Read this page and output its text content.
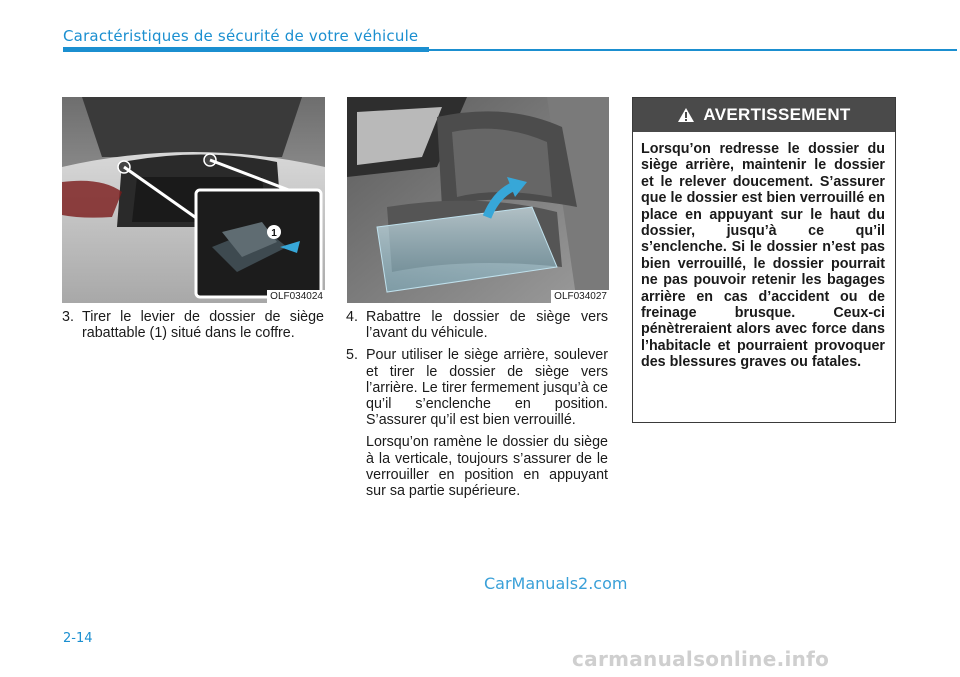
Caractéristiques de sécurité de votre véhicule
1
OLF034024	OLF034027
3. Tirer le levier de dossier de siège rabattable (1) situé dans le coffre.
4. Rabattre le dossier de siège vers l’avant du véhicule.
5. Pour utiliser le siège arrière, soulever et tirer le dossier de siège vers l’arrière. Le tirer fermement jusqu’à ce qu’il s’enclenche en position. S’assurer qu’il est bien verrouillé.

Lorsqu’on ramène le dossier du siège à la verticale, toujours s’assurer de le verrouiller en position en appuyant sur sa partie supérieure.

AVERTISSEMENT
Lorsqu’on redresse le dossier du siège arrière, maintenir le dossier et le relever doucement. S’assurer que le dossier est bien verrouillé en place en appuyant sur le haut du dossier, jusqu’à ce qu’il s’enclenche. Si le dossier n’est pas bien verrouillé, le dossier pourrait ne pas pouvoir retenir les bagages arrière en cas d’accident ou de freinage brusque. Ceux-ci pénètreraient alors avec force dans l’habitacle et pourraient provoquer des blessures graves ou fatales.
CarManuals2.com
2-14
carmanualsonline.info
